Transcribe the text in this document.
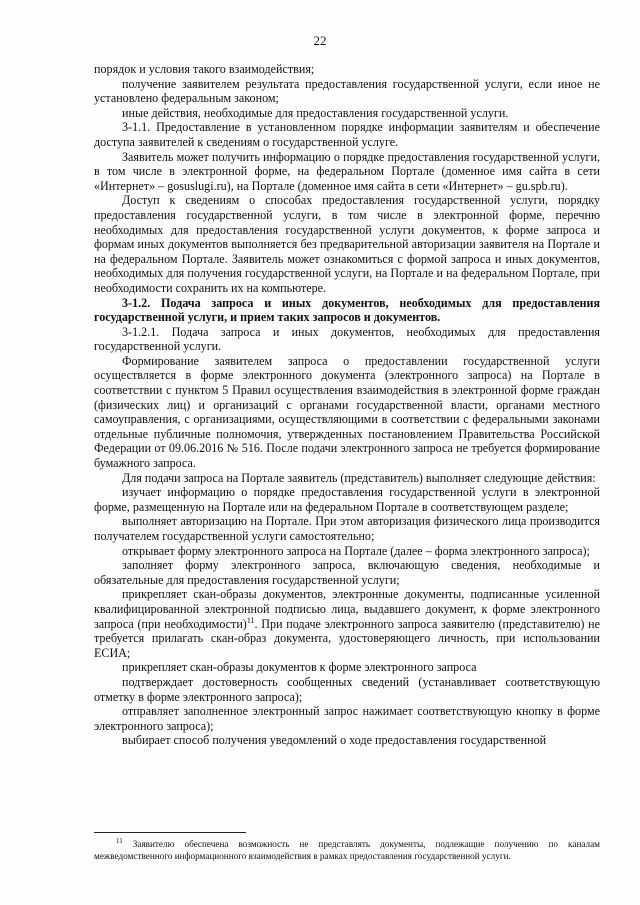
22

порядок и условия такого взаимодействия;

получение заявителем результата предоставления государственной услуги, если иное не установлено федеральным законом;

иные действия, необходимые для предоставления государственной услуги.

3-1.1. Предоставление в установленном порядке информации заявителям и обеспечение доступа заявителей к сведениям о государственной услуге.

Заявитель может получить информацию о порядке предоставления государственной услуги, в том числе в электронной форме, на федеральном Портале (доменное имя сайта в сети «Интернет» – gosuslugi.ru), на Портале (доменное имя сайта в сети «Интернет» – gu.spb.ru).

Доступ к сведениям о способах предоставления государственной услуги, порядку предоставления государственной услуги, в том числе в электронной форме, перечню необходимых для предоставления государственной услуги документов, к форме запроса и формам иных документов выполняется без предварительной авторизации заявителя на Портале и на федеральном Портале. Заявитель может ознакомиться с формой запроса и иных документов, необходимых для получения государственной услуги, на Портале и на федеральном Портале, при необходимости сохранить их на компьютере.

3-1.2. Подача запроса и иных документов, необходимых для предоставления государственной услуги, и прием таких запросов и документов.

3-1.2.1. Подача запроса и иных документов, необходимых для предоставления государственной услуги.

Формирование заявителем запроса о предоставлении государственной услуги осуществляется в форме электронного документа (электронного запроса) на Портале в соответствии с пунктом 5 Правил осуществления взаимодействия в электронной форме граждан (физических лиц) и организаций с органами государственной власти, органами местного самоуправления, с организациями, осуществляющими в соответствии с федеральными законами отдельные публичные полномочия, утвержденных постановлением Правительства Российской Федерации от 09.06.2016 № 516. После подачи электронного запроса не требуется формирование бумажного запроса.

Для подачи запроса на Портале заявитель (представитель) выполняет следующие действия:

изучает информацию о порядке предоставления государственной услуги в электронной форме, размещенную на Портале или на федеральном Портале в соответствующем разделе;

выполняет авторизацию на Портале. При этом авторизация физического лица производится получателем государственной услуги самостоятельно;

открывает форму электронного запроса на Портале (далее – форма электронного запроса);

заполняет форму электронного запроса, включающую сведения, необходимые и обязательные для предоставления государственной услуги;

прикрепляет скан-образы документов, электронные документы, подписанные усиленной квалифицированной электронной подписью лица, выдавшего документ, к форме электронного запроса (при необходимости)$^{11}$. При подаче электронного запроса заявителю (представителю) не требуется прилагать скан-образ документа, удостоверяющего личность, при использовании ЕСИА;

прикрепляет скан-образы документов к форме электронного запроса

подтверждает достоверность сообщенных сведений (устанавливает соответствующую отметку в форме электронного запроса);

отправляет заполненное электронный запрос нажимает соответствующую кнопку в форме электронного запроса);

выбирает способ получения уведомлений о ходе предоставления государственной

$^{11}$ Заявителю обеспечена возможность не представлять документы, подлежащие получению по каналам межведомственного информационного взаимодействия в рамках предоставления государственной услуги.
